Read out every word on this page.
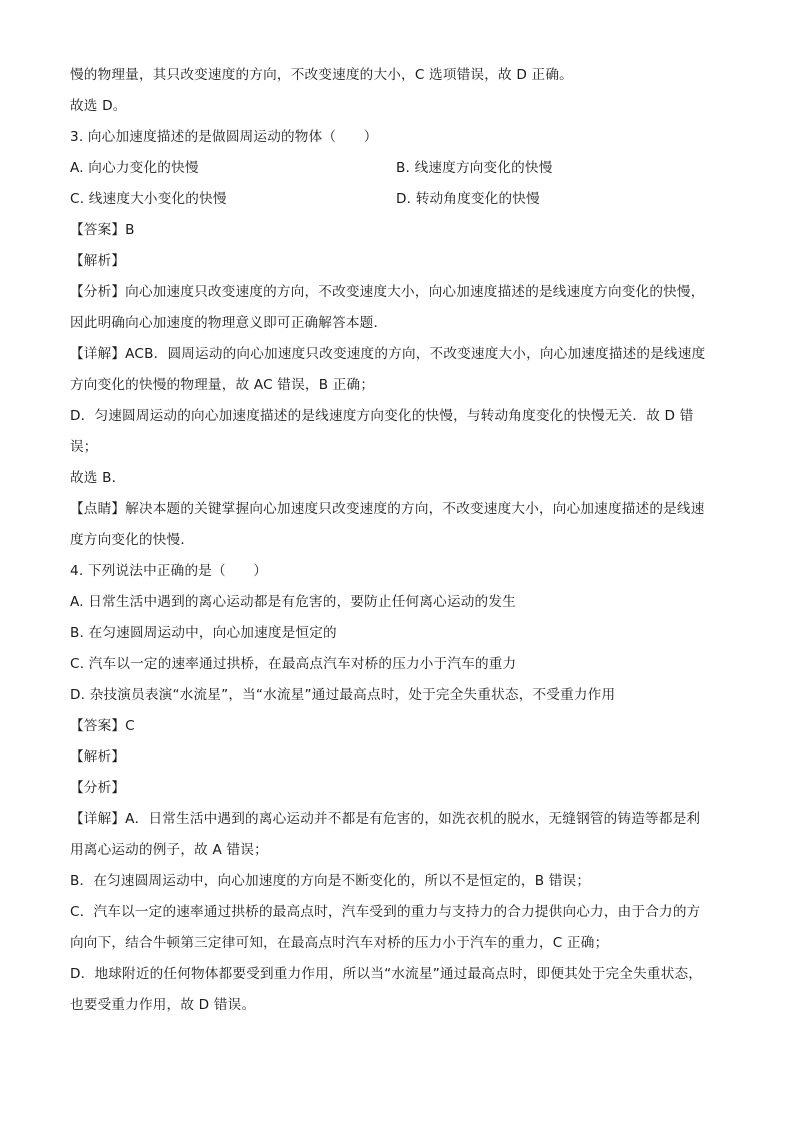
慢的物理量，其只改变速度的方向，不改变速度的大小，C 选项错误，故 D 正确。
故选 D。
3. 向心加速度描述的是做圆周运动的物体（　　）
A. 向心力变化的快慢	B. 线速度方向变化的快慢
C. 线速度大小变化的快慢	D. 转动角度变化的快慢
【答案】B
【解析】
【分析】向心加速度只改变速度的方向，不改变速度大小，向心加速度描述的是线速度方向变化的快慢，
因此明确向心加速度的物理意义即可正确解答本题．
【详解】ACB．圆周运动的向心加速度只改变速度的方向，不改变速度大小，向心加速度描述的是线速度
方向变化的快慢的物理量，故 AC 错误，B 正确；
D．匀速圆周运动的向心加速度描述的是线速度方向变化的快慢，与转动角度变化的快慢无关．故 D 错
误；
故选 B．
【点睛】解决本题的关键掌握向心加速度只改变速度的方向，不改变速度大小，向心加速度描述的是线速
度方向变化的快慢．
4. 下列说法中正确的是（　　）
A. 日常生活中遇到的离心运动都是有危害的，要防止任何离心运动的发生
B. 在匀速圆周运动中，向心加速度是恒定的
C. 汽车以一定的速率通过拱桥，在最高点汽车对桥的压力小于汽车的重力
D. 杂技演员表演“水流星”，当“水流星”通过最高点时，处于完全失重状态，不受重力作用
【答案】C
【解析】
【分析】
【详解】A．日常生活中遇到的离心运动并不都是有危害的，如洗衣机的脱水，无缝钢管的铸造等都是利
用离心运动的例子，故 A 错误；
B．在匀速圆周运动中，向心加速度的方向是不断变化的，所以不是恒定的，B 错误；
C．汽车以一定的速率通过拱桥的最高点时，汽车受到的重力与支持力的合力提供向心力，由于合力的方
向向下，结合牛顿第三定律可知，在最高点时汽车对桥的压力小于汽车的重力，C 正确；
D．地球附近的任何物体都要受到重力作用，所以当“水流星”通过最高点时，即便其处于完全失重状态，
也要受重力作用，故 D 错误。
